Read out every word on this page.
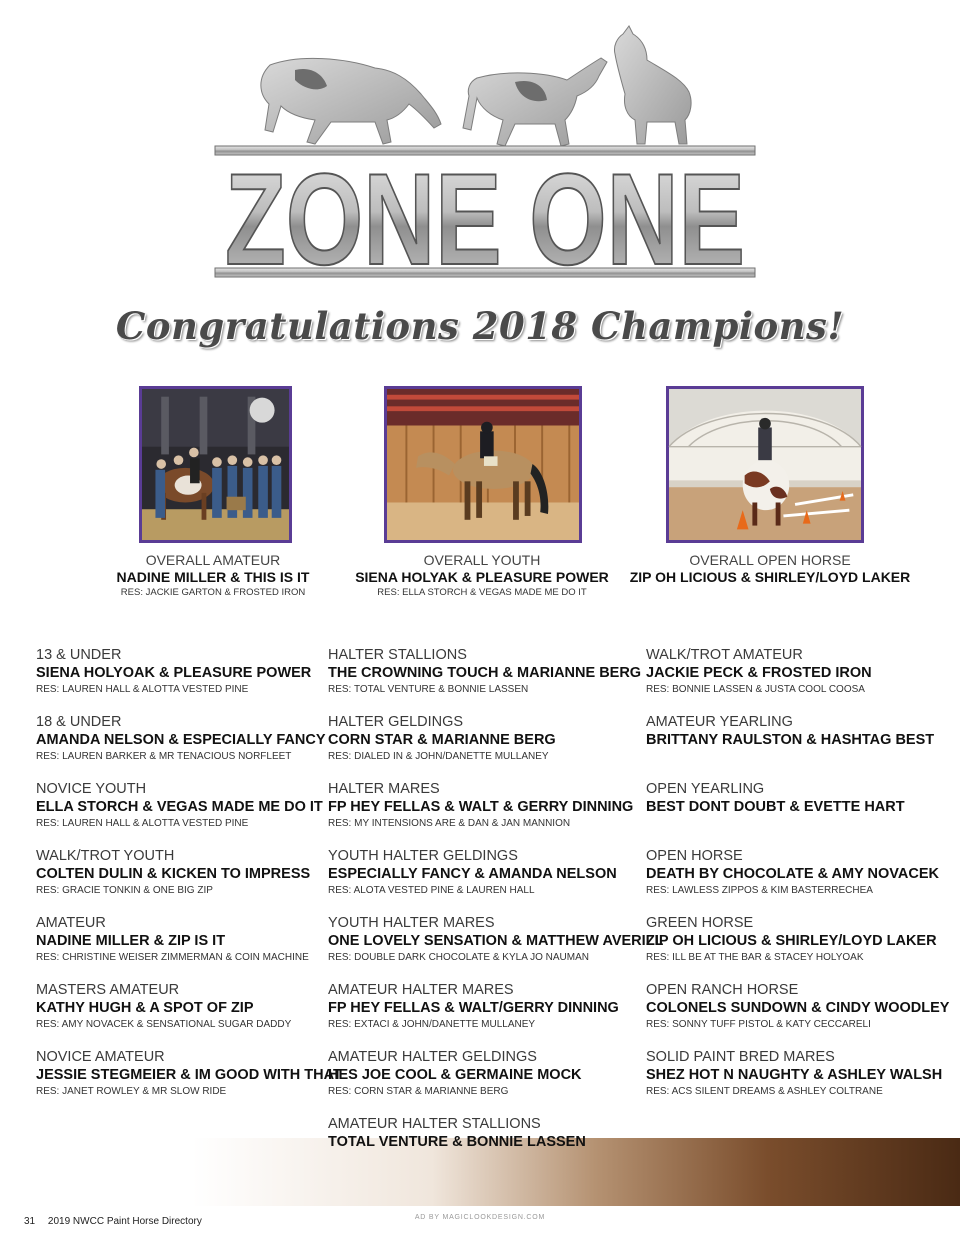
ZONE ONE
Congratulations 2018 Champions!
OVERALL AMATEUR
NADINE MILLER & THIS IS IT
RES: JACKIE GARTON & FROSTED IRON
OVERALL YOUTH
SIENA HOLYAK & PLEASURE POWER
RES: ELLA STORCH & VEGAS MADE ME DO IT
OVERALL OPEN HORSE
ZIP OH LICIOUS & SHIRLEY/LOYD LAKER
13 & UNDER
SIENA HOLYOAK & PLEASURE POWER
RES: LAUREN HALL & ALOTTA VESTED PINE
18 & UNDER
AMANDA NELSON & ESPECIALLY FANCY
RES: LAUREN BARKER & MR TENACIOUS NORFLEET
NOVICE YOUTH
ELLA STORCH & VEGAS MADE ME DO IT
RES: LAUREN HALL & ALOTTA VESTED PINE
WALK/TROT YOUTH
COLTEN DULIN & KICKEN TO IMPRESS
RES: GRACIE TONKIN & ONE BIG ZIP
AMATEUR
NADINE MILLER & ZIP IS IT
RES: CHRISTINE WEISER ZIMMERMAN & COIN MACHINE
MASTERS AMATEUR
KATHY HUGH & A SPOT OF ZIP
RES: AMY NOVACEK & SENSATIONAL SUGAR DADDY
NOVICE AMATEUR
JESSIE STEGMEIER & IM GOOD WITH THAT
RES: JANET ROWLEY & MR SLOW RIDE
HALTER STALLIONS
THE CROWNING TOUCH & MARIANNE BERG
RES: TOTAL VENTURE & BONNIE LASSEN
HALTER GELDINGS
CORN STAR & MARIANNE BERG
RES: DIALED IN & JOHN/DANETTE MULLANEY
HALTER MARES
FP HEY FELLAS & WALT & GERRY DINNING
RES: MY INTENSIONS ARE & DAN & JAN MANNION
YOUTH HALTER GELDINGS
ESPECIALLY FANCY & AMANDA NELSON
RES: ALOTA VESTED PINE & LAUREN HALL
YOUTH HALTER MARES
ONE LOVELY SENSATION & MATTHEW AVERILL
RES: DOUBLE DARK CHOCOLATE & KYLA JO NAUMAN
AMATEUR HALTER MARES
FP HEY FELLAS & WALT/GERRY DINNING
RES: EXTACI & JOHN/DANETTE MULLANEY
AMATEUR HALTER GELDINGS
HES JOE COOL & GERMAINE MOCK
RES: CORN STAR & MARIANNE BERG
AMATEUR HALTER STALLIONS
TOTAL VENTURE & BONNIE LASSEN
WALK/TROT AMATEUR
JACKIE PECK & FROSTED IRON
RES: BONNIE LASSEN & JUSTA COOL COOSA
AMATEUR YEARLING
BRITTANY RAULSTON & HASHTAG BEST
OPEN YEARLING
BEST DONT DOUBT & EVETTE HART
OPEN HORSE
DEATH BY CHOCOLATE & AMY NOVACEK
RES: LAWLESS ZIPPOS & KIM BASTERRECHEA
GREEN HORSE
ZIP OH LICIOUS & SHIRLEY/LOYD LAKER
RES: ILL BE AT THE BAR & STACEY HOLYOAK
OPEN RANCH HORSE
COLONELS SUNDOWN & CINDY WOODLEY
RES: SONNY TUFF PISTOL & KATY CECCARELI
SOLID PAINT BRED MARES
SHEZ HOT N NAUGHTY & ASHLEY WALSH
RES: ACS SILENT DREAMS & ASHLEY COLTRANE
31 2019 NWCC Paint Horse Directory	AD BY MAGICLOOKDESIGN.COM
